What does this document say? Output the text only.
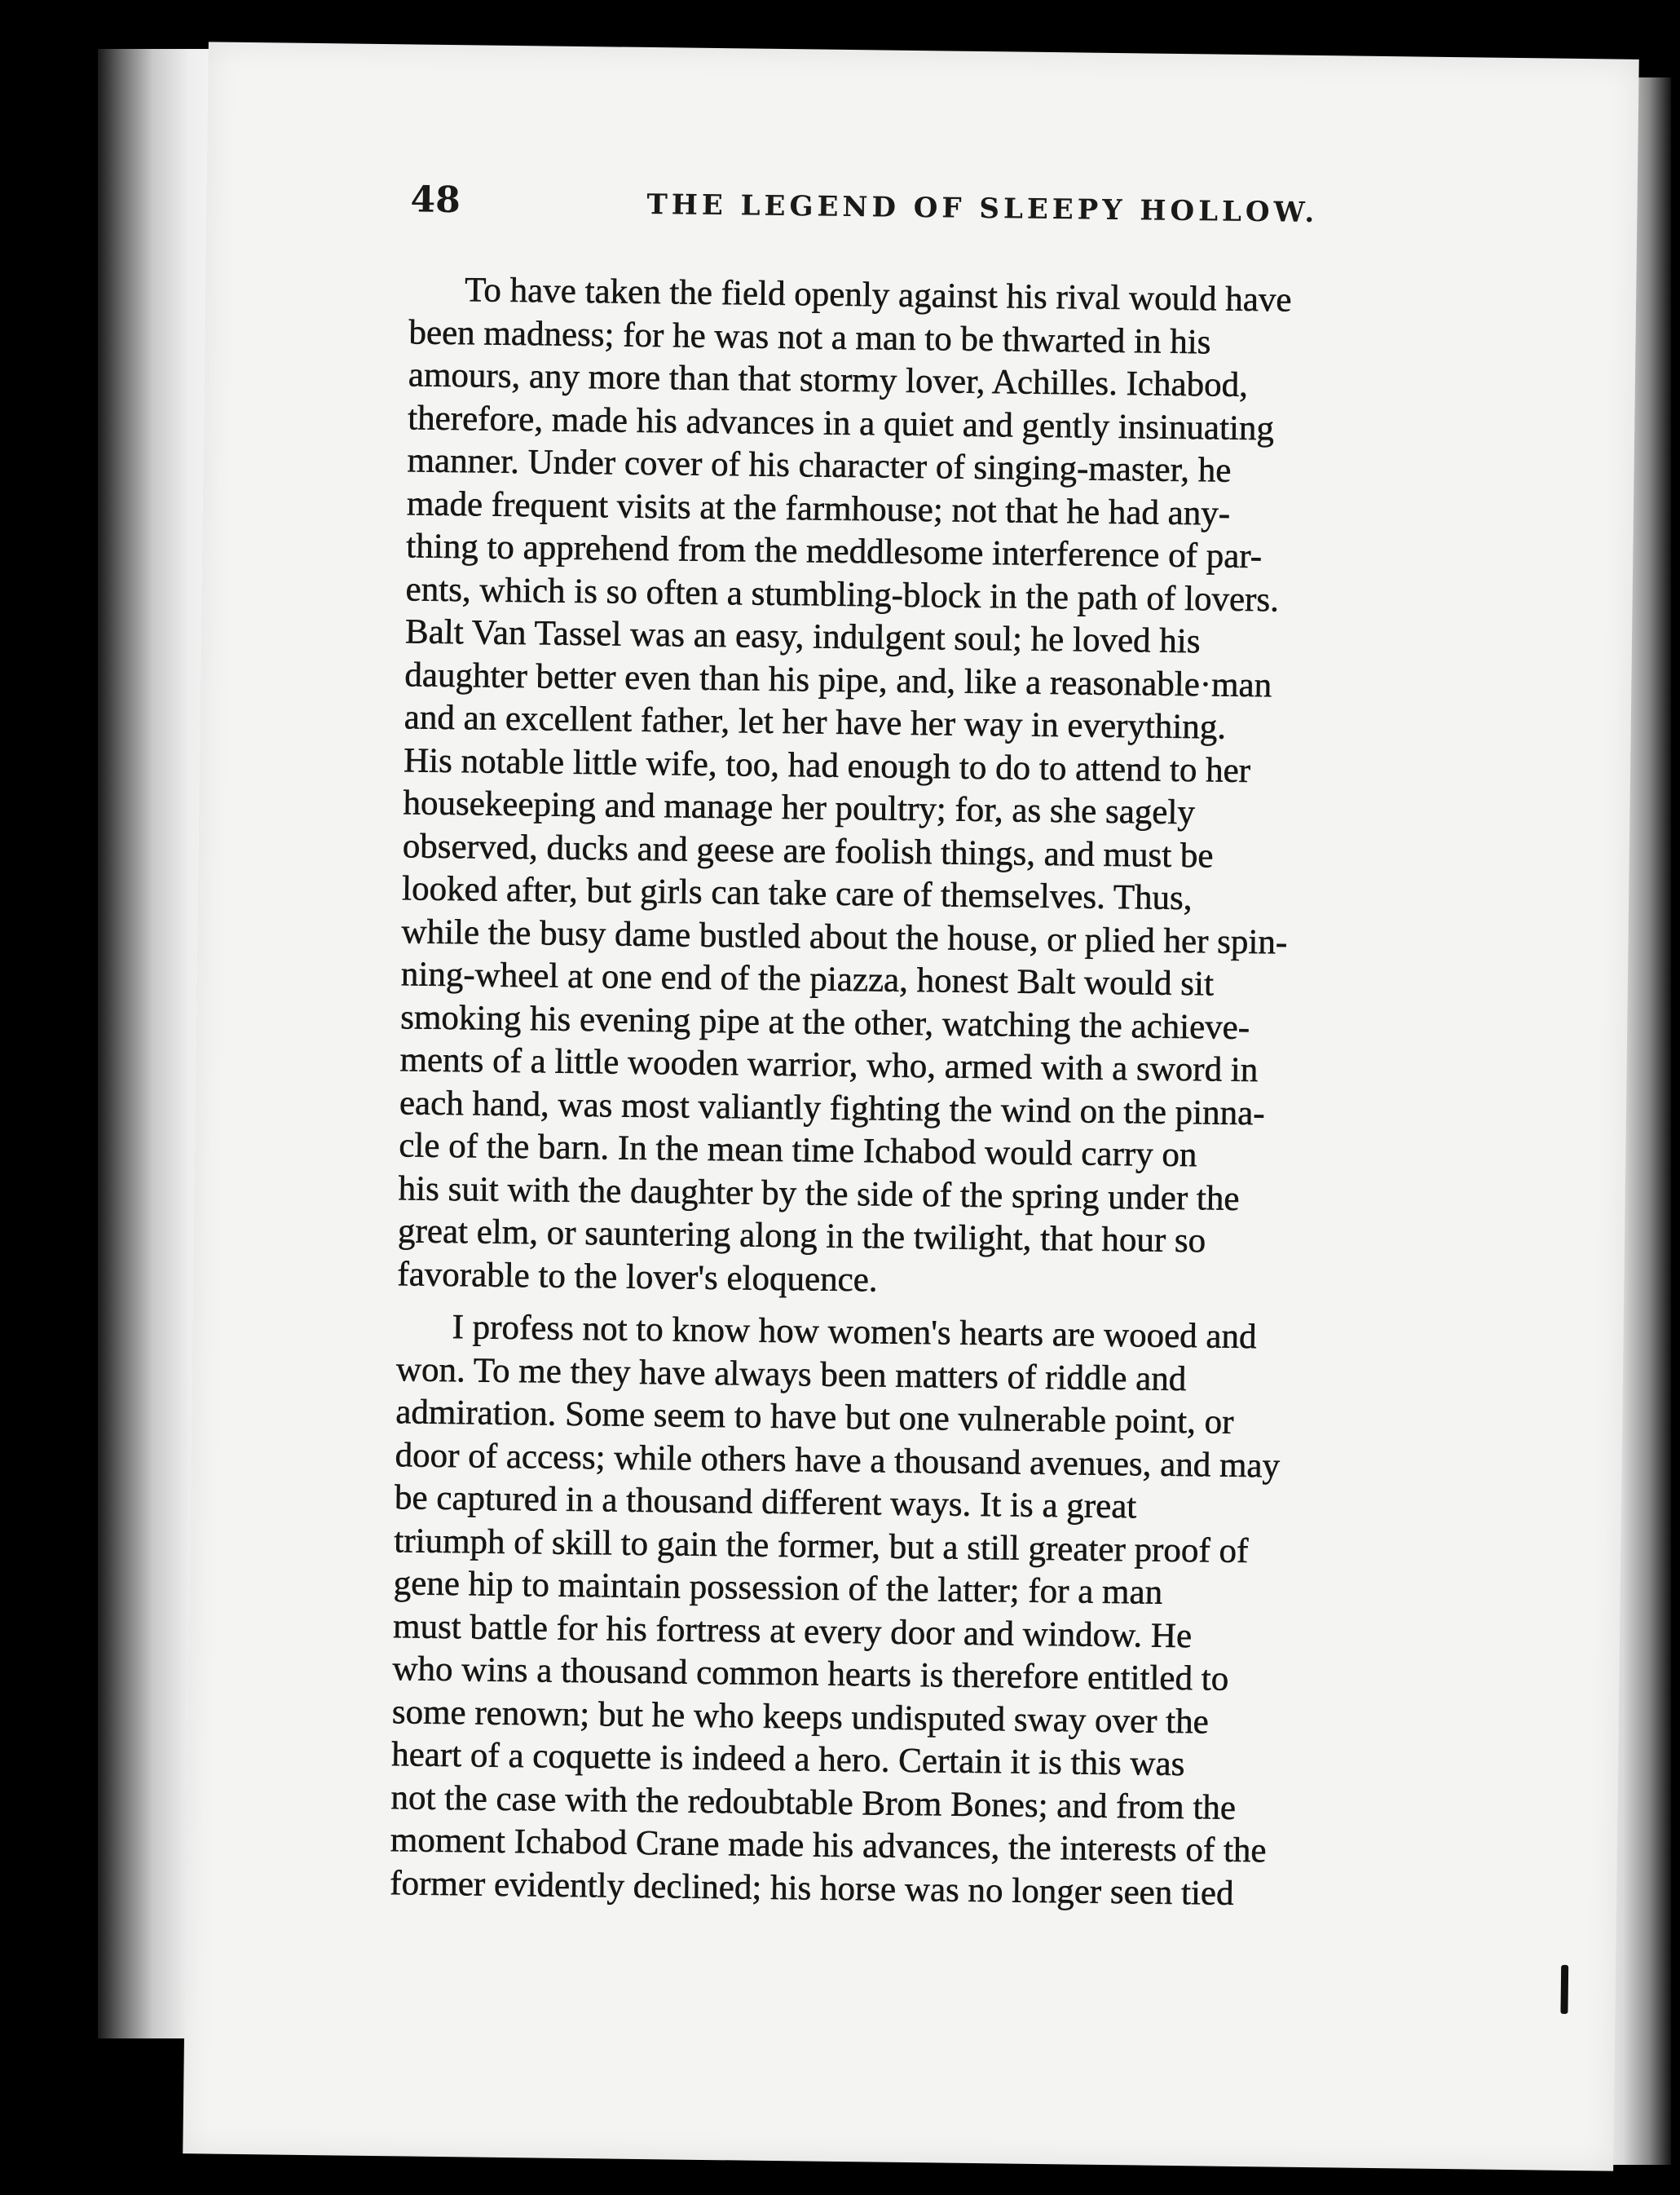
48	THE LEGEND OF SLEEPY HOLLOW.
To have taken the field openly against his rival would have
been madness; for he was not a man to be thwarted in his
amours, any more than that stormy lover, Achilles. Ichabod,
therefore, made his advances in a quiet and gently insinuating
manner. Under cover of his character of singing-master, he
made frequent visits at the farmhouse; not that he had any-
thing to apprehend from the meddlesome interference of par-
ents, which is so often a stumbling-block in the path of lovers.
Balt Van Tassel was an easy, indulgent soul; he loved his
daughter better even than his pipe, and, like a reasonable·man
and an excellent father, let her have her way in everything.
His notable little wife, too, had enough to do to attend to her
housekeeping and manage her poultry; for, as she sagely
observed, ducks and geese are foolish things, and must be
looked after, but girls can take care of themselves. Thus,
while the busy dame bustled about the house, or plied her spin-
ning-wheel at one end of the piazza, honest Balt would sit
smoking his evening pipe at the other, watching the achieve-
ments of a little wooden warrior, who, armed with a sword in
each hand, was most valiantly fighting the wind on the pinna-
cle of the barn. In the mean time Ichabod would carry on
his suit with the daughter by the side of the spring under the
great elm, or sauntering along in the twilight, that hour so
favorable to the lover's eloquence.
I profess not to know how women's hearts are wooed and
won. To me they have always been matters of riddle and
admiration. Some seem to have but one vulnerable point, or
door of access; while others have a thousand avenues, and may
be captured in a thousand different ways. It is a great
triumph of skill to gain the former, but a still greater proof of
gene hip to maintain possession of the latter; for a man
must battle for his fortress at every door and window. He
who wins a thousand common hearts is therefore entitled to
some renown; but he who keeps undisputed sway over the
heart of a coquette is indeed a hero. Certain it is this was
not the case with the redoubtable Brom Bones; and from the
moment Ichabod Crane made his advances, the interests of the
former evidently declined; his horse was no longer seen tied
